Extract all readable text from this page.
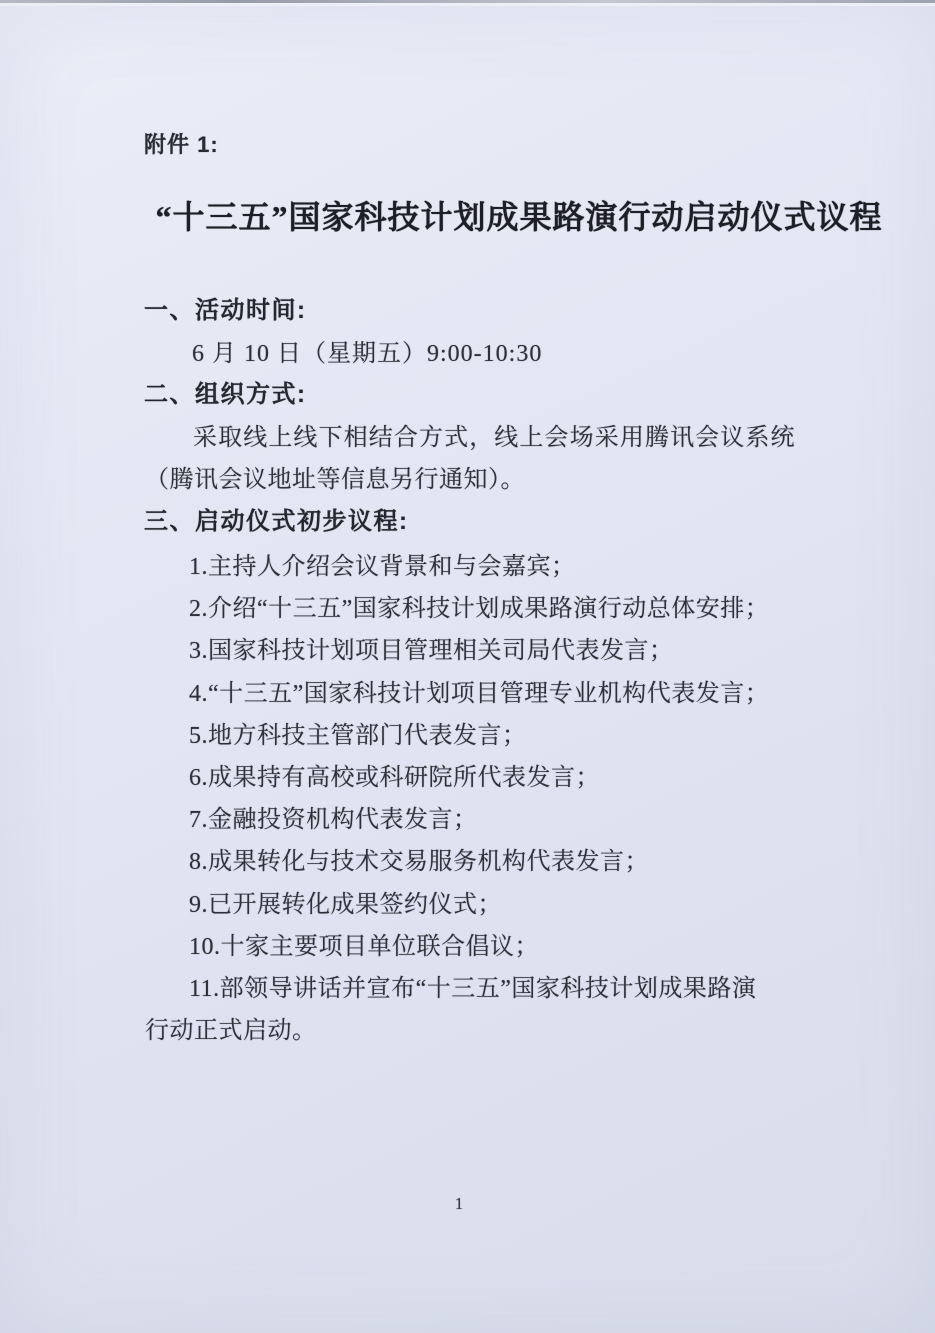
附件 1:
“十三五”国家科技计划成果路演行动启动仪式议程
一、活动时间:
6 月 10 日（星期五）9:00-10:30
二、组织方式:
采取线上线下相结合方式，线上会场采用腾讯会议系统（腾讯会议地址等信息另行通知）。
三、启动仪式初步议程:
1.主持人介绍会议背景和与会嘉宾；
2.介绍“十三五”国家科技计划成果路演行动总体安排；
3.国家科技计划项目管理相关司局代表发言；
4.“十三五”国家科技计划项目管理专业机构代表发言；
5.地方科技主管部门代表发言；
6.成果持有高校或科研院所代表发言；
7.金融投资机构代表发言；
8.成果转化与技术交易服务机构代表发言；
9.已开展转化成果签约仪式；
10.十家主要项目单位联合倡议；
11.部领导讲话并宣布“十三五”国家科技计划成果路演行动正式启动。
1
